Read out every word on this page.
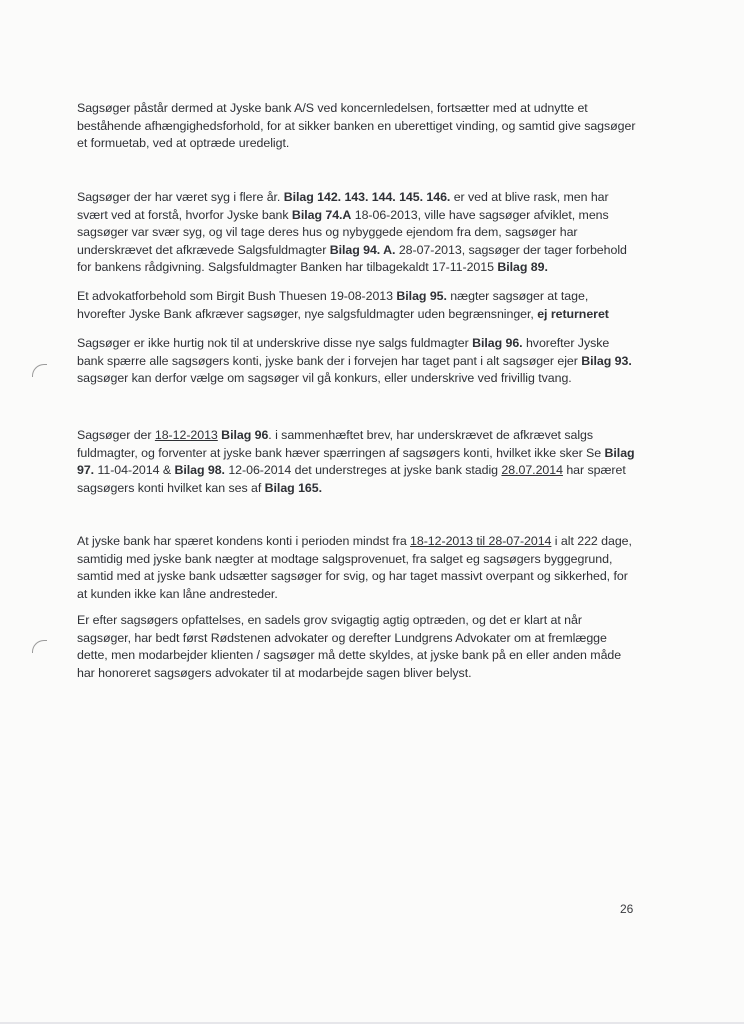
Sagsøger påstår dermed at Jyske bank A/S ved koncernledelsen, fortsætter med at udnytte et beståhende afhængighedsforhold, for at sikker banken en uberettiget vinding, og samtid give sagsøger et formuetab, ved at optræde uredeligt.

Sagsøger der har været syg i flere år. Bilag 142. 143. 144. 145. 146. er ved at blive rask, men har svært ved at forstå, hvorfor Jyske bank Bilag 74.A 18-06-2013, ville have sagsøger afviklet, mens sagsøger var svær syg, og vil tage deres hus og nybyggede ejendom fra dem, sagsøger har underskrævet det afkrævede Salgsfuldmagter Bilag 94. A. 28-07-2013, sagsøger der tager forbehold for bankens rådgivning. Salgsfuldmagter Banken har tilbagekaldt 17-11-2015 Bilag 89.

Et advokatforbehold som Birgit Bush Thuesen 19-08-2013 Bilag 95. nægter sagsøger at tage, hvorefter Jyske Bank afkræver sagsøger, nye salgsfuldmagter uden begrænsninger, ej returneret

Sagsøger er ikke hurtig nok til at underskrive disse nye salgs fuldmagter Bilag 96. hvorefter Jyske bank spærre alle sagsøgers konti, jyske bank der i forvejen har taget pant i alt sagsøger ejer Bilag 93. sagsøger kan derfor vælge om sagsøger vil gå konkurs, eller underskrive ved frivillig tvang.

Sagsøger der 18-12-2013 Bilag 96. i sammenhæftet brev, har underskrævet de afkrævet salgs fuldmagter, og forventer at jyske bank hæver spærringen af sagsøgers konti, hvilket ikke sker Se Bilag 97. 11-04-2014 & Bilag 98. 12-06-2014 det understreges at jyske bank stadig 28.07.2014 har spæret sagsøgers konti hvilket kan ses af Bilag 165.

At jyske bank har spæret kondens konti i perioden mindst fra 18-12-2013 til 28-07-2014 i alt 222 dage, samtidig med jyske bank nægter at modtage salgsprovenuet, fra salget eg sagsøgers byggegrund, samtid med at jyske bank udsætter sagsøger for svig, og har taget massivt overpant og sikkerhed, for at kunden ikke kan låne andresteder.

Er efter sagsøgers opfattelses, en sadels grov svigagtig agtig optræden, og det er klart at når sagsøger, har bedt først Rødstenen advokater og derefter Lundgrens Advokater om at fremlægge dette, men modarbejder klienten / sagsøger må dette skyldes, at jyske bank på en eller anden måde har honoreret sagsøgers advokater til at modarbejde sagen bliver belyst.

26
